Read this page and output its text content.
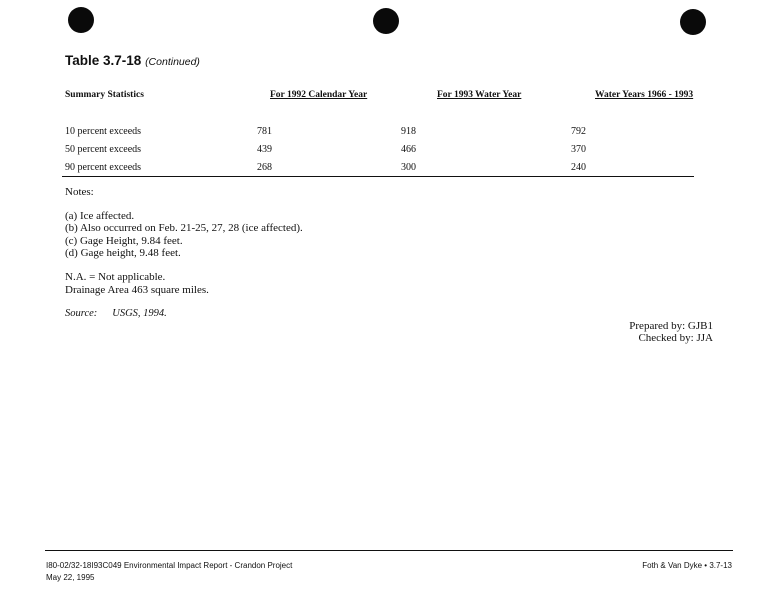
Table 3.7-18 (Continued)
Summary Statistics	For 1992 Calendar Year	For 1993 Water Year	Water Years 1966 - 1993
10 percent exceeds	781	918	792
50 percent exceeds	439	466	370
90 percent exceeds	268	300	240
Notes:
(a) Ice affected.
(b) Also occurred on Feb. 21-25, 27, 28 (ice affected).
(c) Gage Height, 9.84 feet.
(d) Gage height, 9.48 feet.
N.A. = Not applicable.
Drainage Area 463 square miles.
Source: USGS, 1994.
Prepared by: GJB1
Checked by: JJA
I80-02/32-18I93C049 Environmental Impact Report - Crandon Project
May 22, 1995
Foth & Van Dyke • 3.7-13
